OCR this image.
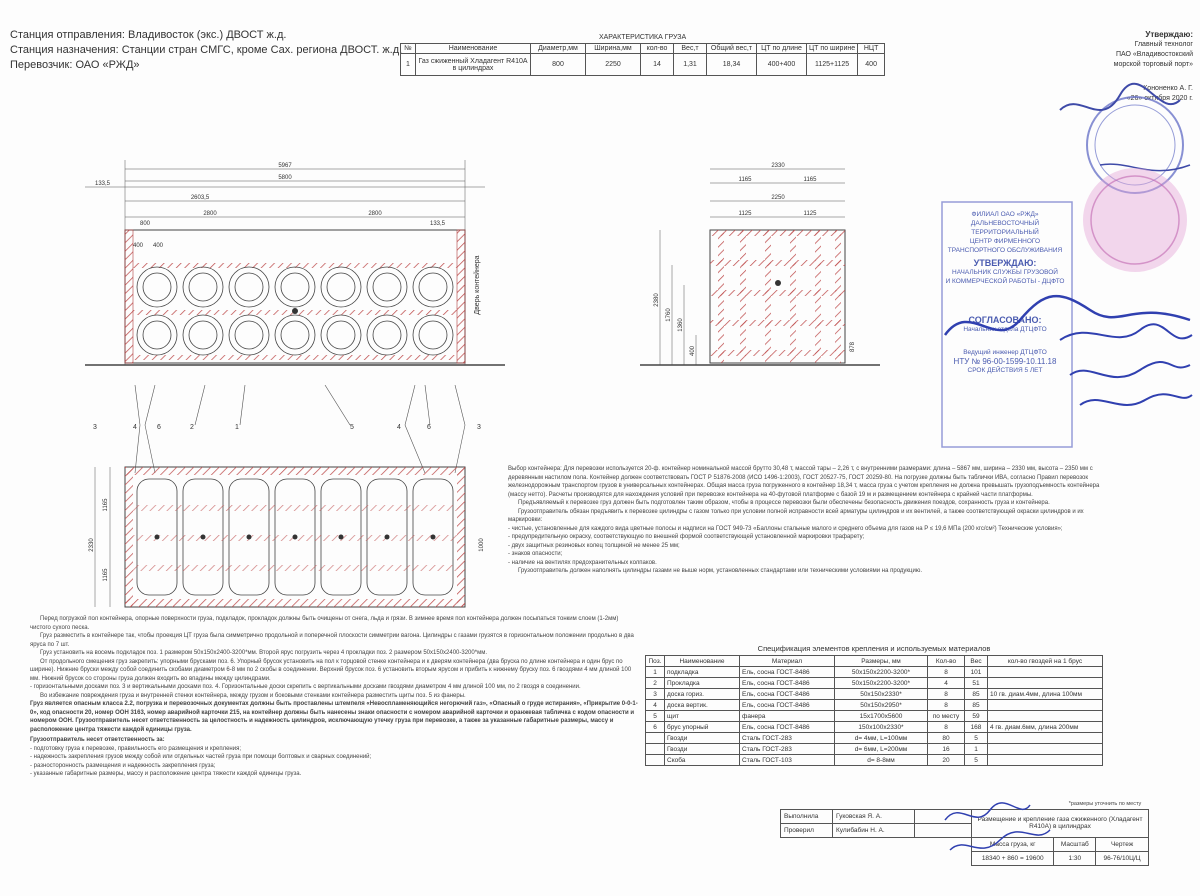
Станция отправления: Владивосток (экс.) ДВОСТ ж.д.
Станция назначения: Станции стран СМГС, кроме Сах. региона ДВОСТ. ж.д.
Перевозчик: ОАО «РЖД»
ХАРАКТЕРИСТИКА ГРУЗА
№	Наименование	Диаметр,мм	Ширина,мм	кол-во	Вес,т	Общий вес,т	ЦТ по длине	ЦТ по ширине	НЦТ
1	Газ сжиженный Хладагент R410A в цилиндрах	800	2250	14	1,31	18,34	400+400	1125+1125	400
Утверждаю:
Главный технолог
ПАО «Владивостокский
морской торговый порт»
Кононенко А. Г.
«26» октября 2020 г.
ФИЛИАЛ ОАО «РЖД»
ДАЛЬНЕВОСТОЧНЫЙ ТЕРРИТОРИАЛЬНЫЙ
ЦЕНТР ФИРМЕННОГО
ТРАНСПОРТНОГО ОБСЛУЖИВАНИЯ
УТВЕРЖДАЮ:
НАЧАЛЬНИК СЛУЖБЫ ГРУЗОВОЙ
И КОММЕРЧЕСКОЙ РАБОТЫ - ДЦФТО
СОГЛАСОВАНО:
Начальник отдела ДТЦФТО
Ведущий инженер ДТЦФТО
НТУ № 96-00-1599-10.11.18
СРОК ДЕЙСТВИЯ 5 ЛЕТ
5967
5800
2603,5
2800	2800
133,5
133,5
800
400 400
Дверь контейнера
3	4	6	2	1	5	4	6	3
2330
1165
1165
1000
2330
1165	1165
2250
1125	1125
2380
1760
1360
400	878
Выбор контейнера: Для перевозки используется 20-ф. контейнер номинальной массой брутто 30,48 т, массой тары – 2,26 т, с внутренними размерами: длина – 5867 мм, ширина – 2330 мм, высота – 2350 мм с деревянным настилом пола. Контейнер должен соответствовать ГОСТ Р 51876-2008 (ИСО 1496-1:2003), ГОСТ 20527-75, ГОСТ 20259-80. На погрузке должны быть таблички ИВА, согласно Правил перевозок железнодорожным транспортом грузов в универсальных контейнерах. Общая масса груза погруженного в контейнер 18,34 т, масса груза с учетом крепления не должна превышать грузоподъемность контейнера (массу нетто). Расчеты производятся для нахождения условий при перевозке контейнера на 40-футовой платформе с базой 19 м и размещением контейнера с крайней части платформы.
Предъявляемый к перевозке груз должен быть подготовлен таким образом, чтобы в процессе перевозки были обеспечены безопасность движения поездов, сохранность груза и контейнера.
Грузоотправитель обязан предъявить к перевозке цилиндры с газом только при условии полной исправности всей арматуры цилиндров и их вентилей, а также соответствующей окраски цилиндров и их маркировки:
- чистые, установленные для каждого вида цветные полосы и надписи на ГОСТ 949-73 «Баллоны стальные малого и среднего объема для газов на Р ≤ 19,6 МПа (200 кгс/см²) Технические условия»;
- предупредительную окраску, соответствующую по внешней формой соответствующей установленной маркировки трафарету;
- двух защитных резиновых колец толщиной не менее 25 мм;
- знаков опасности;
- наличие на вентилях предохранительных колпаков.
Грузоотправитель должен наполнять цилиндры газами не выше норм, установленных стандартами или техническими условиями на продукцию.
Перед погрузкой пол контейнера, опорные поверхности груза, подкладок, прокладок должны быть очищены от снега, льда и грязи. В зимнее время пол контейнера должен посыпаться тонким слоем (1-2мм) чистого сухого песка.
Груз разместить в контейнере так, чтобы проекция ЦТ груза была симметрично продольной и поперечной плоскости симметрии вагона. Цилиндры с газами грузятся в горизонтальном положении продольно в два яруса по 7 шт.
Груз установить на восемь подкладок поз. 1 размером 50х150х2400-3200*мм. Второй ярус погрузить через 4 прокладки поз. 2 размером 50х150х2400-3200*мм.
От продольного смещения груз закрепить: упорными брусками поз. 6. Упорный брусок установить на пол к торцовой стенке контейнера и к дверям контейнера (два бруска по длине контейнера и один брус по ширине). Нижние бруски между собой соединить скобами диаметром 6-8 мм по 2 скобы в соединении. Верхний брусок поз. 6 установить вторым ярусом и прибить к нижнему бруску поз. 6 гвоздями 4 мм длиной 100 мм. Нижний брусок со стороны груза должен входить во впадины между цилиндрами.
- горизонтальными досками поз. 3 и вертикальными досками поз. 4. Горизонтальные доски скрепить с вертикальными досками гвоздями диаметром 4 мм длиной 100 мм, по 2 гвоздя в соединении.
Во избежание повреждения груза и внутренней стенки контейнера, между грузом и боковыми стенками контейнера разместить щиты поз. 5 из фанеры.
Груз является опасным класса 2.2, погрузка и перевозочных документах должны быть проставлены штемпеля «Невоспламеняющийся негорючий газ», «Опасный о груде истирания», «Прикрытие 0-0-1-0», код опасности 20, номер ООН 3163, номер аварийной карточки 215, на контейнер должны быть нанесены знаки опасности с номером аварийной карточки и оранжевая табличка с кодом опасности и номером ООН. Грузоотправитель несет ответственность за целостность и надежность цилиндров, исключающую утечку груза при перевозке, а также за указанные габаритные размеры, массу и расположение центра тяжести каждой единицы груза.
Грузоотправитель несет ответственность за:
- подготовку груза к перевозке, правильность его размещения и крепления;
- надежность закрепления грузов между собой или отдельных частей груза при помощи болтовых и сварных соединений;
- разносторонность размещения и надежность закрепления груза;
- указанные габаритные размеры, массу и расположение центра тяжести каждой единицы груза.
Спецификация элементов крепления и используемых материалов
Поз.	Наименование	Материал	Размеры, мм	Кол-во	Вес	кол-во гвоздей на 1 брус
1	подкладка	Ель, сосна ГОСТ-8486	50х150х2200-3200*	8	101	
2	Прокладка	Ель, сосна ГОСТ-8486	50х150х2200-3200*	4	51	
3	доска гориз.	Ель, сосна ГОСТ-8486	50х150х2330*	8	85	10 гв. диам.4мм, длина 100мм
4	доска вертик.	Ель, сосна ГОСТ-8486	50х150х2950*	8	85	
5	щит	фанера	15х1700х5600	по месту	59	
6	брус упорный	Ель, сосна ГОСТ-8486	150х100х2330*	8	168	4 гв. диам.6мм, длина 200мм
	Гвозди	Сталь ГОСТ-283	d= 4мм, L=100мм	80	5	
	Гвозди	Сталь ГОСТ-283	d= 6мм, L=200мм	16	1	
	Скоба	Сталь ГОСТ-103	d= 8-8мм	20	5	
*размеры уточнить по месту
Выполнила	Гуковская Я. А.		Размещение и крепление газа сжиженного (Хладагент R410A) в цилиндрах		
Проверил	Кулибабин Н. А.				
			Масса груза, кг	Масштаб	Чертеж
			18340 + 860 = 19600	1:30	96-76/10Ц/Ц
